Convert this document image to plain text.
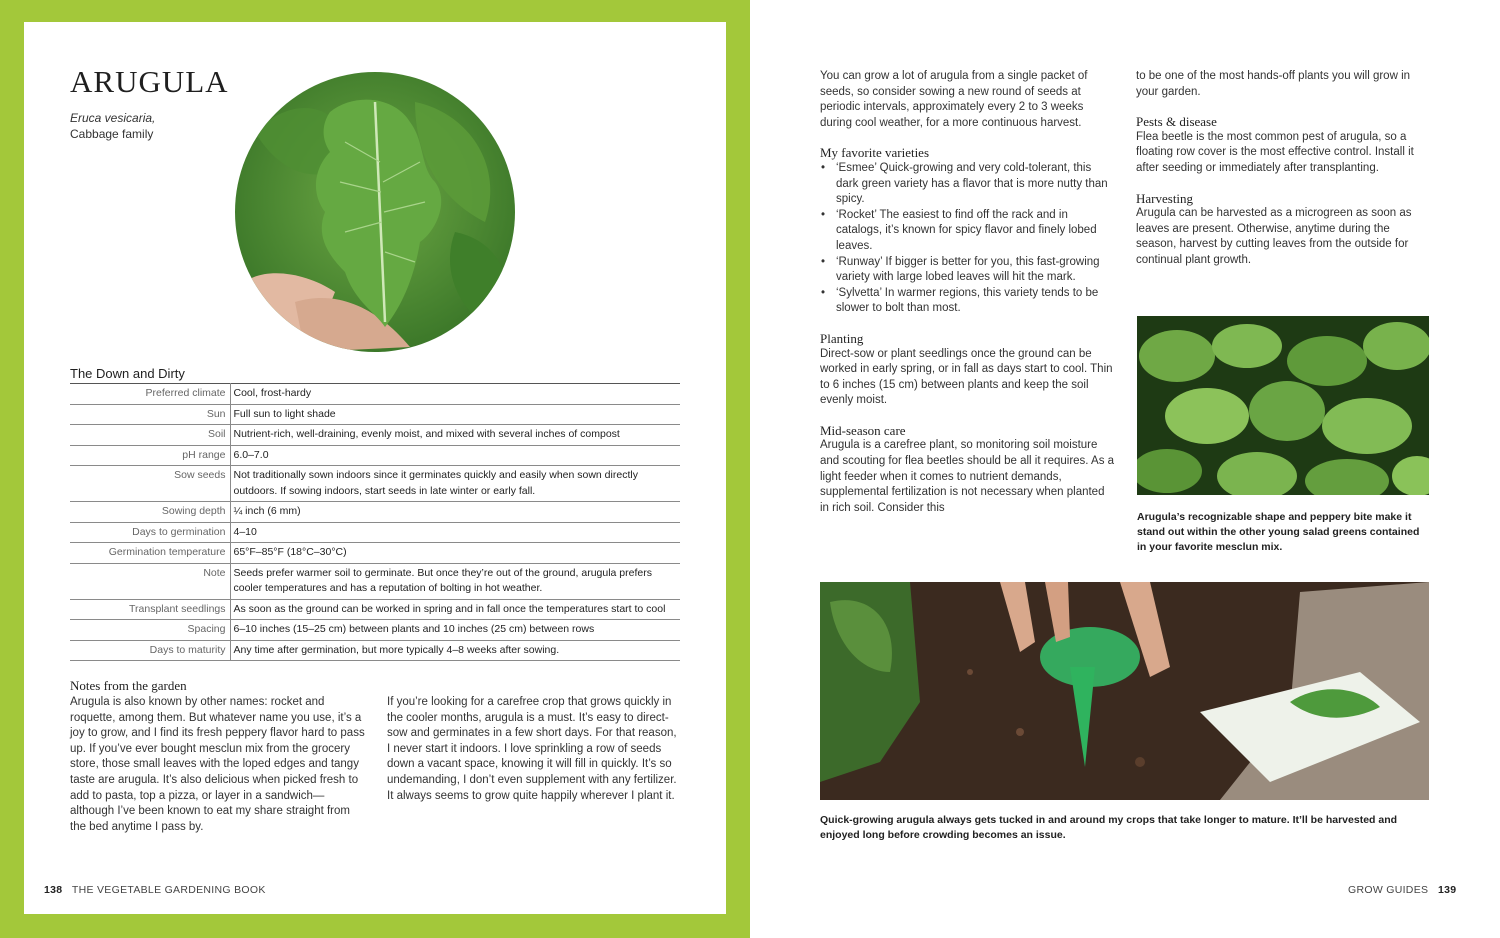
ARUGULA
Eruca vesicaria,
Cabbage family
The Down and Dirty
Preferred climate	Cool, frost-hardy
Sun	Full sun to light shade
Soil	Nutrient-rich, well-draining, evenly moist, and mixed with several inches of compost
pH range	6.0–7.0
Sow seeds	Not traditionally sown indoors since it germinates quickly and easily when sown directly outdoors. If sowing indoors, start seeds in late winter or early fall.
Sowing depth	¼ inch (6 mm)
Days to germination	4–10
Germination temperature	65°F–85°F (18°C–30°C)
Note	Seeds prefer warmer soil to germinate. But once they’re out of the ground, arugula prefers cooler temperatures and has a reputation of bolting in hot weather.
Transplant seedlings	As soon as the ground can be worked in spring and in fall once the temperatures start to cool
Spacing	6–10 inches (15–25 cm) between plants and 10 inches (25 cm) between rows
Days to maturity	Any time after germination, but more typically 4–8 weeks after sowing.
Notes from the garden
Arugula is also known by other names: rocket and roquette, among them. But whatever name you use, it’s a joy to grow, and I find its fresh peppery flavor hard to pass up. If you’ve ever bought mesclun mix from the grocery store, those small leaves with the loped edges and tangy taste are arugula. It’s also delicious when picked fresh to add to pasta, top a pizza, or layer in a sandwich—although I’ve been known to eat my share straight from the bed anytime I pass by.
If you’re looking for a carefree crop that grows quickly in the cooler months, arugula is a must. It’s easy to direct-sow and germinates in a few short days. For that reason, I never start it indoors. I love sprinkling a row of seeds down a vacant space, knowing it will fill in quickly. It’s so undemanding, I don’t even supplement with any fertilizer. It always seems to grow quite happily wherever I plant it.
138 THE VEGETABLE GARDENING BOOK

You can grow a lot of arugula from a single packet of seeds, so consider sowing a new round of seeds at periodic intervals, approximately every 2 to 3 weeks during cool weather, for a more continuous harvest.

My favorite varieties
• ‘Esmee’ Quick-growing and very cold-tolerant, this dark green variety has a flavor that is more nutty than spicy.
• ‘Rocket’ The easiest to find off the rack and in catalogs, it’s known for spicy flavor and finely lobed leaves.
• ‘Runway’ If bigger is better for you, this fast-growing variety with large lobed leaves will hit the mark.
• ‘Sylvetta’ In warmer regions, this variety tends to be slower to bolt than most.
Planting

Direct-sow or plant seedlings once the ground can be worked in early spring, or in fall as days start to cool. Thin to 6 inches (15 cm) between plants and keep the soil evenly moist.

Mid-season care

Arugula is a carefree plant, so monitoring soil moisture and scouting for flea beetles should be all it requires. As a light feeder when it comes to nutrient demands, supplemental fertilization is not necessary when planted in rich soil. Consider this

to be one of the most hands-off plants you will grow in your garden.

Pests & disease

Flea beetle is the most common pest of arugula, so a floating row cover is the most effective control. Install it after seeding or immediately after transplanting.

Harvesting

Arugula can be harvested as a microgreen as soon as leaves are present. Otherwise, anytime during the season, harvest by cutting leaves from the outside for continual plant growth.

Arugula’s recognizable shape and peppery bite make it stand out within the other young salad greens contained in your favorite mesclun mix.
Quick-growing arugula always gets tucked in and around my crops that take longer to mature. It’ll be harvested and enjoyed long before crowding becomes an issue.
GROW GUIDES 139
